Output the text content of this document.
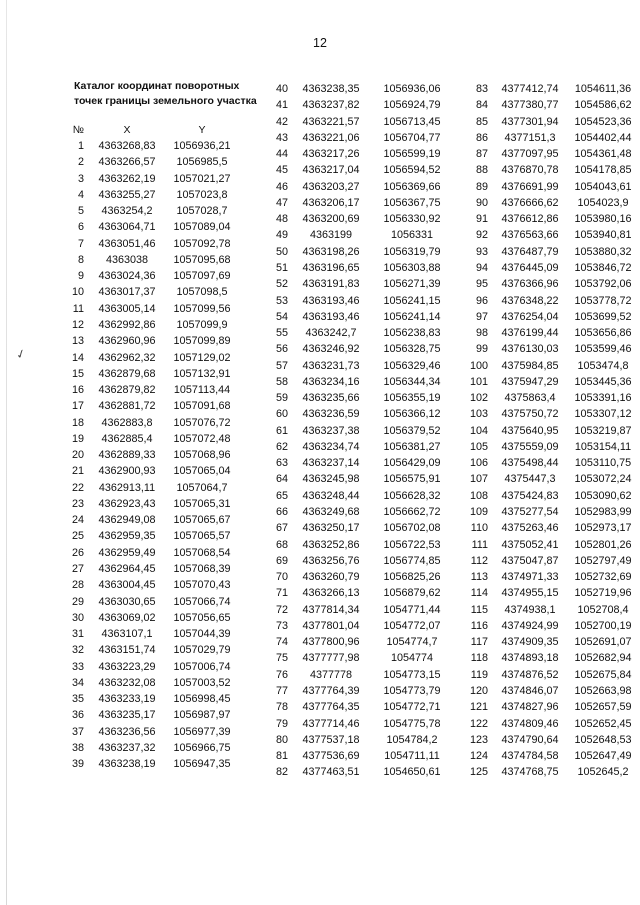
✓
12
Каталог координат поворотных точек границы земельного участка
№	X	Y
1	4363268,83	1056936,21
2	4363266,57	1056985,5
3	4363262,19	1057021,27
4	4363255,27	1057023,8
5	4363254,2	1057028,7
6	4363064,71	1057089,04
7	4363051,46	1057092,78
8	4363038	1057095,68
9	4363024,36	1057097,69
10	4363017,37	1057098,5
11	4363005,14	1057099,56
12	4362992,86	1057099,9
13	4362960,96	1057099,89
14	4362962,32	1057129,02
15	4362879,68	1057132,91
16	4362879,82	1057113,44
17	4362881,72	1057091,68
18	4362883,8	1057076,72
19	4362885,4	1057072,48
20	4362889,33	1057068,96
21	4362900,93	1057065,04
22	4362913,11	1057064,7
23	4362923,43	1057065,31
24	4362949,08	1057065,67
25	4362959,35	1057065,57
26	4362959,49	1057068,54
27	4362964,45	1057068,39
28	4363004,45	1057070,43
29	4363030,65	1057066,74
30	4363069,02	1057056,65
31	4363107,1	1057044,39
32	4363151,74	1057029,79
33	4363223,29	1057006,74
34	4363232,08	1057003,52
35	4363233,19	1056998,45
36	4363235,17	1056987,97
37	4363236,56	1056977,39
38	4363237,32	1056966,75
39	4363238,19	1056947,35
40	4363238,35	1056936,06
41	4363237,82	1056924,79
42	4363221,57	1056713,45
43	4363221,06	1056704,77
44	4363217,26	1056599,19
45	4363217,04	1056594,52
46	4363203,27	1056369,66
47	4363206,17	1056367,75
48	4363200,69	1056330,92
49	4363199	1056331
50	4363198,26	1056319,79
51	4363196,65	1056303,88
52	4363191,83	1056271,39
53	4363193,46	1056241,15
54	4363193,46	1056241,14
55	4363242,7	1056238,83
56	4363246,92	1056328,75
57	4363231,73	1056329,46
58	4363234,16	1056344,34
59	4363235,66	1056355,19
60	4363236,59	1056366,12
61	4363237,38	1056379,52
62	4363234,74	1056381,27
63	4363237,14	1056429,09
64	4363245,98	1056575,91
65	4363248,44	1056628,32
66	4363249,68	1056662,72
67	4363250,17	1056702,08
68	4363252,86	1056722,53
69	4363256,76	1056774,85
70	4363260,79	1056825,26
71	4363266,13	1056879,62
72	4377814,34	1054771,44
73	4377801,04	1054772,07
74	4377800,96	1054774,7
75	4377777,98	1054774
76	4377778	1054773,15
77	4377764,39	1054773,79
78	4377764,35	1054772,71
79	4377714,46	1054775,78
80	4377537,18	1054784,2
81	4377536,69	1054711,11
82	4377463,51	1054650,61
83	4377412,74	1054611,36
84	4377380,77	1054586,62
85	4377301,94	1054523,36
86	4377151,3	1054402,44
87	4377097,95	1054361,48
88	4376870,78	1054178,85
89	4376691,99	1054043,61
90	4376666,62	1054023,9
91	4376612,86	1053980,16
92	4376563,66	1053940,81
93	4376487,79	1053880,32
94	4376445,09	1053846,72
95	4376366,96	1053792,06
96	4376348,22	1053778,72
97	4376254,04	1053699,52
98	4376199,44	1053656,86
99	4376130,03	1053599,46
100	4375984,85	1053474,8
101	4375947,29	1053445,36
102	4375863,4	1053391,16
103	4375750,72	1053307,12
104	4375640,95	1053219,87
105	4375559,09	1053154,11
106	4375498,44	1053110,75
107	4375447,3	1053072,24
108	4375424,83	1053090,62
109	4375277,54	1052983,99
110	4375263,46	1052973,17
111	4375052,41	1052801,26
112	4375047,87	1052797,49
113	4374971,33	1052732,69
114	4374955,15	1052719,96
115	4374938,1	1052708,4
116	4374924,99	1052700,19
117	4374909,35	1052691,07
118	4374893,18	1052682,94
119	4374876,52	1052675,84
120	4374846,07	1052663,98
121	4374827,96	1052657,59
122	4374809,46	1052652,45
123	4374790,64	1052648,53
124	4374784,58	1052647,49
125	4374768,75	1052645,2
